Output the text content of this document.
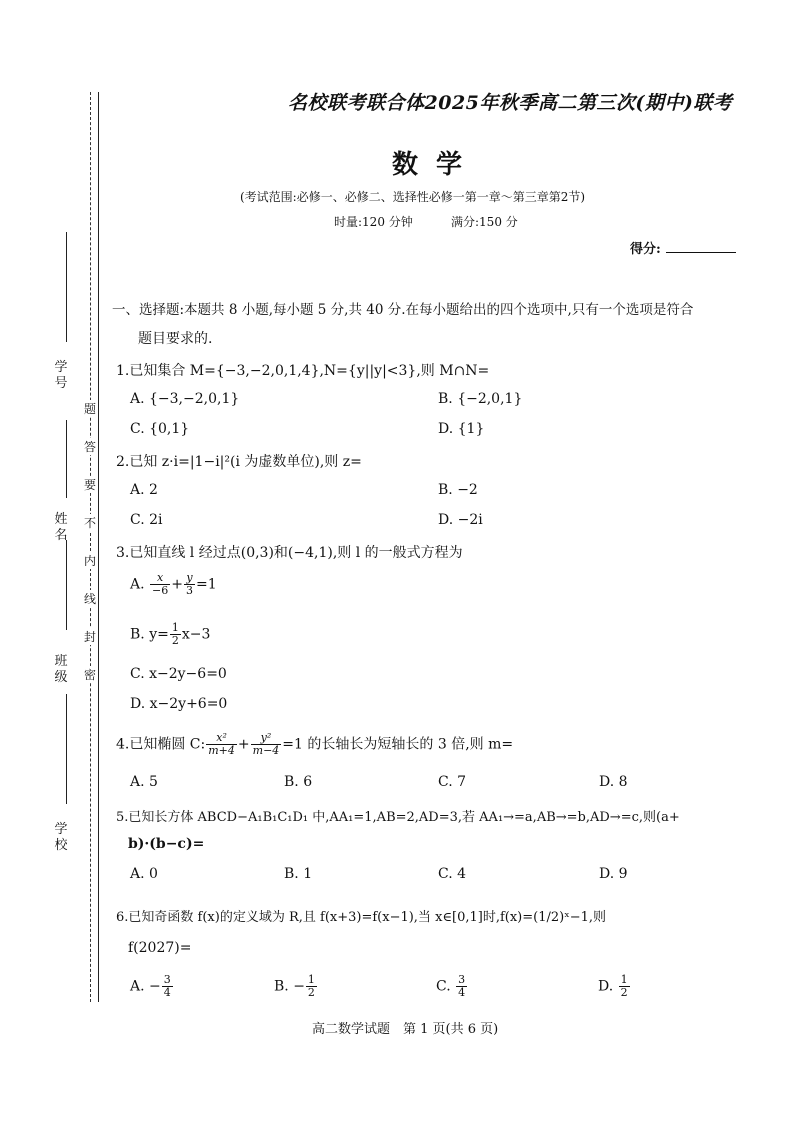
学 号
姓 名
班 级
学 校
题
答
要
不
内
线
封
密
名校联考联合体2025年秋季高二第三次(期中)联考
数学
(考试范围:必修一、必修二、选择性必修一第一章～第三章第2节)
时量:120 分钟	满分:150 分
得分:
一、选择题:本题共 8 小题,每小题 5 分,共 40 分.在每小题给出的四个选项中,只有一个选项是符合
题目要求的.
1.已知集合 M={−3,−2,0,1,4},N={y||y|<3},则 M∩N=
A. {−3,−2,0,1}	B. {−2,0,1}
C. {0,1}	D. {1}
2.已知 z·i=|1−i|²(i 为虚数单位),则 z=
A. 2	B. −2
C. 2i	D. −2i
3.已知直线 l 经过点(0,3)和(−4,1),则 l 的一般式方程为
A. $\frac{x}{-6} + \frac{y}{3} =1$
B. $y= \frac{1}{2} x-3$
C. x−2y−6=0
D. x−2y+6=0
4.已知椭圆 C: $\frac{\text{x²}}{m+4} + \frac{\text{y²}}{m-4} =1$ 的长轴长为短轴长的 3 倍,则 m=
A. 5	B. 6	C. 7	D. 8
5.已知长方体 ABCD−A₁B₁C₁D₁ 中,AA₁=1,AB=2,AD=3,若 AA₁→=a,AB→=b,AD→=c,则(a+
b)·(b−c)=
A. 0	B. 1	C. 4	D. 9
6.已知奇函数 f(x)的定义域为 R,且 f(x+3)=f(x−1),当 x∈[0,1]时,f(x)=(1/2)ˣ−1,则
f(2027)=
A. − $\frac{3}{4}$	B. − $\frac{1}{2}$	C. $\frac{3}{4}$	D. $\frac{1}{2}$
高二数学试题　第 1 页(共 6 页)
